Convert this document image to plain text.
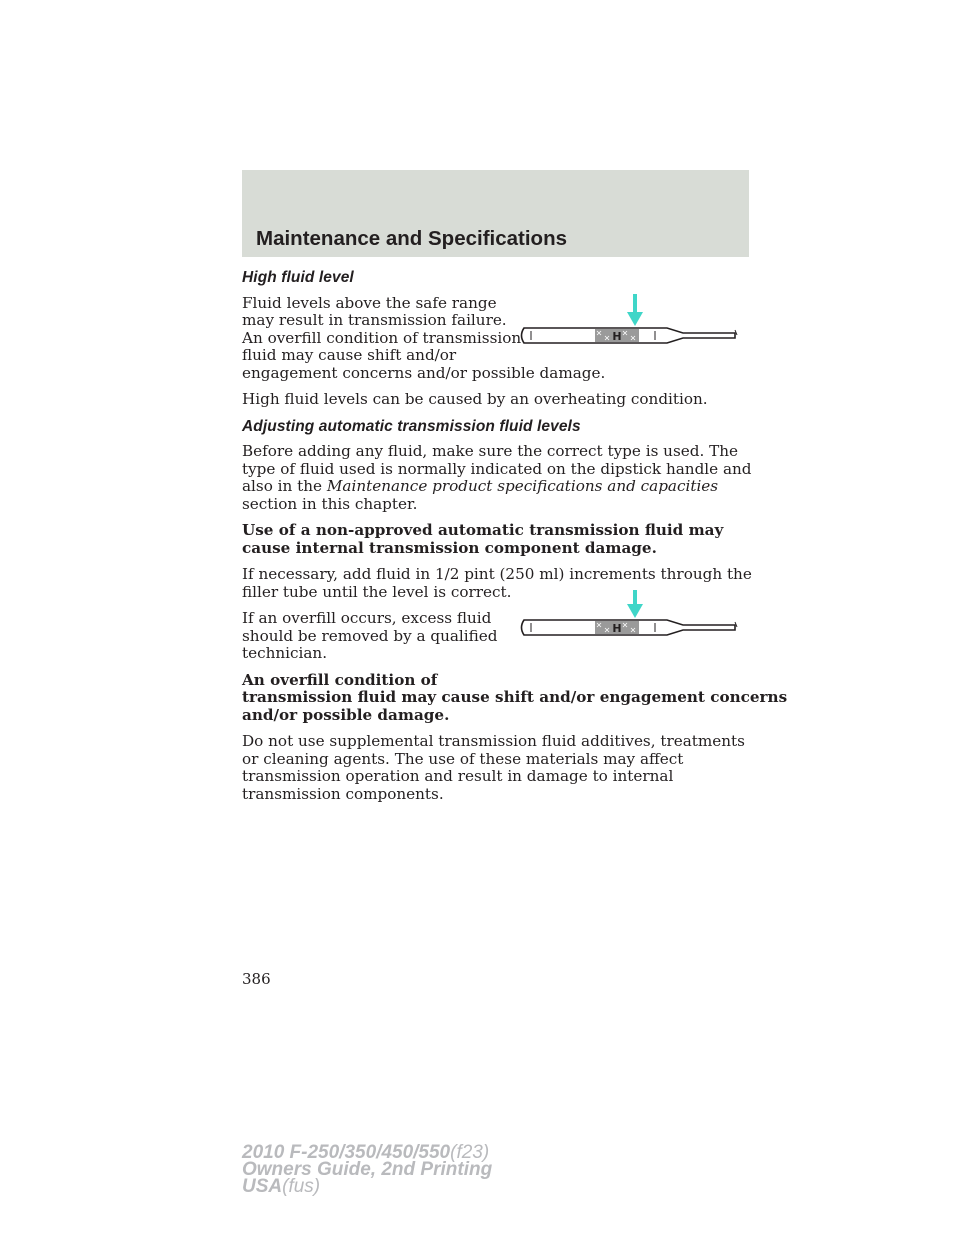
Maintenance and Specifications
High fluid level

Fluid levels above the safe range
may result in transmission failure.
An overfill condition of transmission
fluid may cause shift and/or
engagement concerns and/or possible damage.

High fluid levels can be caused by an overheating condition.

Adjusting automatic transmission fluid levels

Before adding any fluid, make sure the correct type is used. The type of fluid used is normally indicated on the dipstick handle and also in the Maintenance product specifications and capacities section in this chapter.

Use of a non-approved automatic transmission fluid may cause internal transmission component damage.

If necessary, add fluid in 1/2 pint (250 ml) increments through the filler tube until the level is correct.

If an overfill occurs, excess fluid
should be removed by a qualified
technician.

An overfill condition of
transmission fluid may cause shift and/or engagement concerns
and/or possible damage.

Do not use supplemental transmission fluid additives, treatments or cleaning agents. The use of these materials may affect transmission operation and result in damage to internal transmission components.

H
H

386

2010 F-250/350/450/550(f23)
Owners Guide, 2nd Printing
USA(fus)
